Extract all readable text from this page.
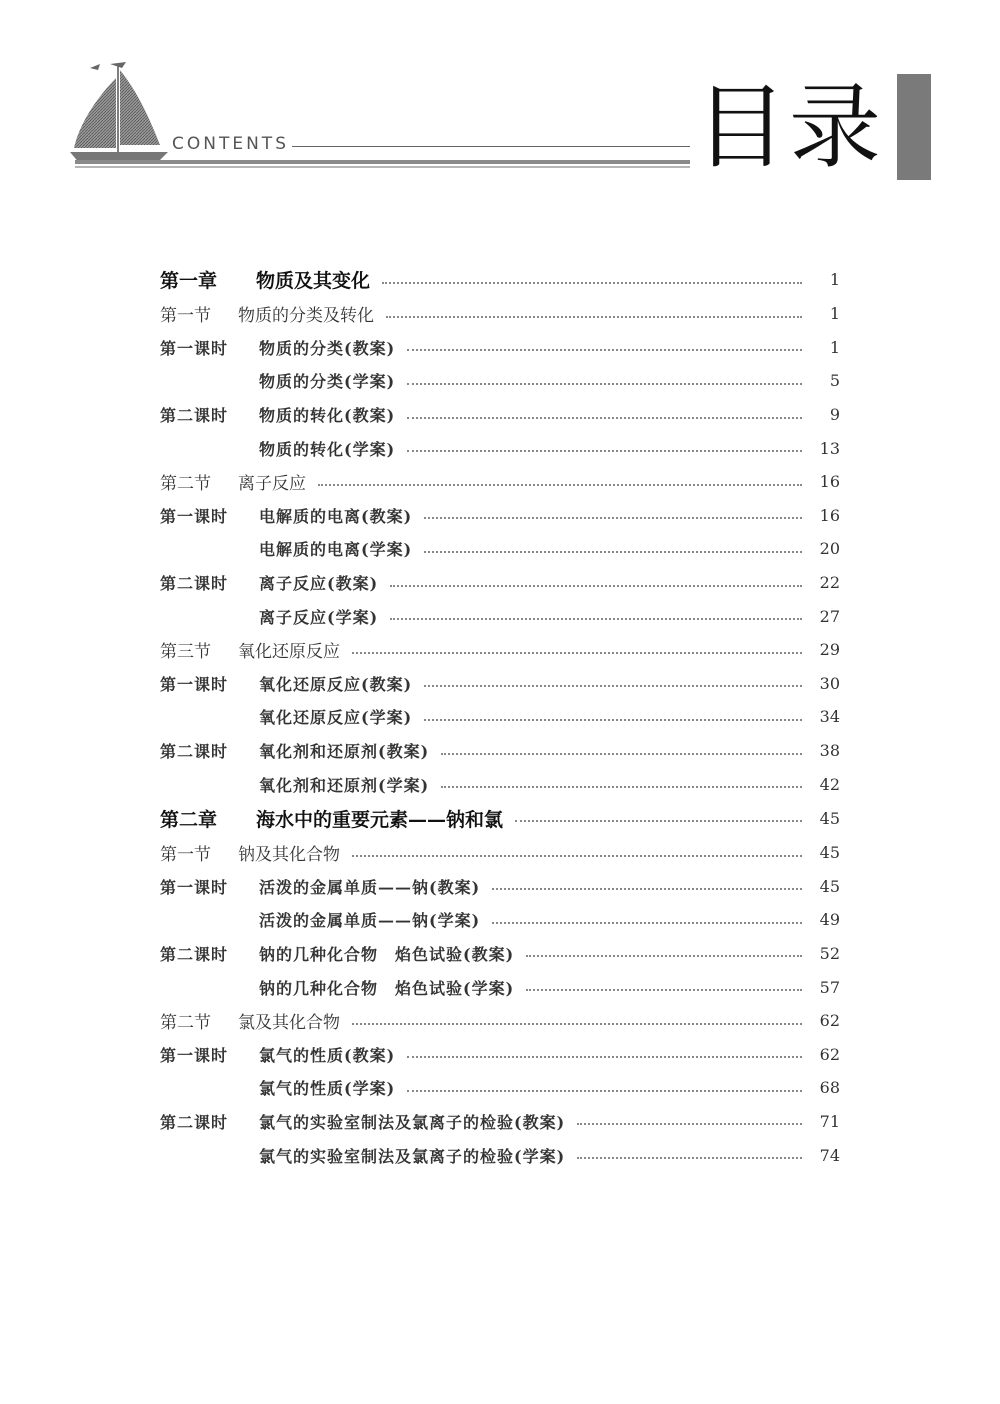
CONTENTS	目录
第一章	物质及其变化	1
第一节	物质的分类及转化	1
第一课时	物质的分类(教案)	1
物质的分类(学案)	5
第二课时	物质的转化(教案)	9
物质的转化(学案)	13
第二节	离子反应	16
第一课时	电解质的电离(教案)	16
电解质的电离(学案)	20
第二课时	离子反应(教案)	22
离子反应(学案)	27
第三节	氧化还原反应	29
第一课时	氧化还原反应(教案)	30
氧化还原反应(学案)	34
第二课时	氧化剂和还原剂(教案)	38
氧化剂和还原剂(学案)	42
第二章	海水中的重要元素——钠和氯	45
第一节	钠及其化合物	45
第一课时	活泼的金属单质——钠(教案)	45
活泼的金属单质——钠(学案)	49
第二课时	钠的几种化合物　焰色试验(教案)	52
钠的几种化合物　焰色试验(学案)	57
第二节	氯及其化合物	62
第一课时	氯气的性质(教案)	62
氯气的性质(学案)	68
第二课时	氯气的实验室制法及氯离子的检验(教案)	71
氯气的实验室制法及氯离子的检验(学案)	74
